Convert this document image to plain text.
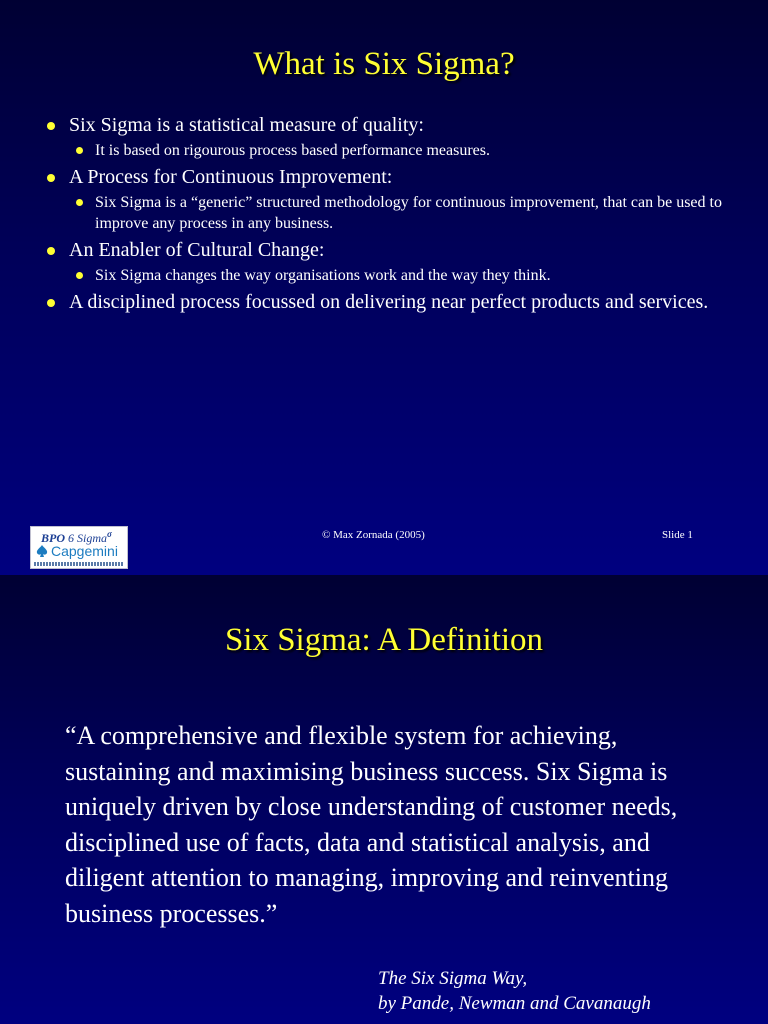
What is Six Sigma?
Six Sigma is a statistical measure of quality:
It is based on rigourous process based performance measures.
A Process for Continuous Improvement:
Six Sigma is a “generic” structured methodology for continuous improvement, that can be used to improve any process in any business.
An Enabler of Cultural Change:
Six Sigma changes the way organisations work and the way they think.
A disciplined process focussed on delivering near perfect products and services.
BPO 6 Sigma$^\sigma$
Capgemini
© Max Zornada (2005)	Slide 1
Six Sigma: A Definition
“A comprehensive and flexible system for achieving, sustaining and maximising business success. Six Sigma is uniquely driven by close understanding of customer needs, disciplined use of facts, data and statistical analysis, and diligent attention to managing, improving and reinventing business processes.”
The Six Sigma Way,
by Pande, Newman and Cavanaugh
